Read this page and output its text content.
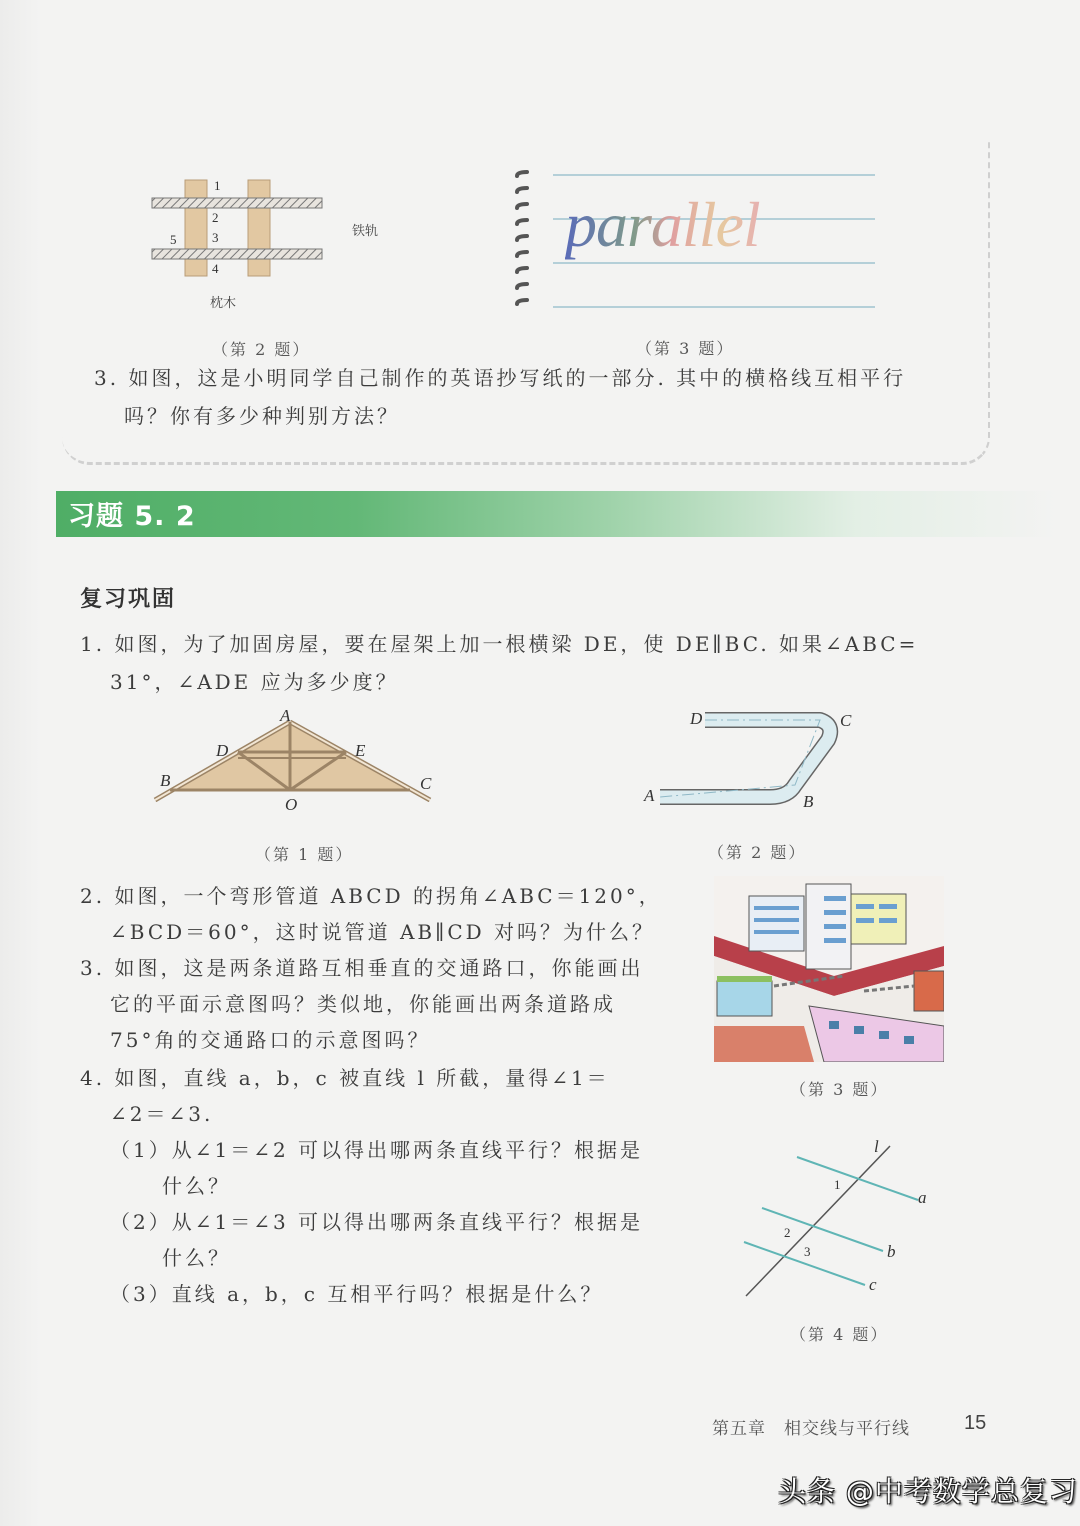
1
2
3
4
5
铁轨
枕木
（第 2 题）
parallel
（第 3 题）
3. 如图，这是小明同学自己制作的英语抄写纸的一部分. 其中的横格线互相平行
吗？你有多少种判别方法？
习题 5. 2
复习巩固
1. 如图，为了加固房屋，要在屋架上加一根横梁 DE，使 DE∥BC. 如果∠ABC=
31°，∠ADE 应为多少度？
A
D	E
B	C
O
（第 1 题）
D	C
A	B
（第 2 题）
2. 如图，一个弯形管道 ABCD 的拐角∠ABC＝120°，
∠BCD＝60°，这时说管道 AB∥CD 对吗？为什么？
3. 如图，这是两条道路互相垂直的交通路口，你能画出
它的平面示意图吗？类似地，你能画出两条道路成
75°角的交通路口的示意图吗？
（第 3 题）
4. 如图，直线 a，b，c 被直线 l 所截，量得∠1＝
∠2＝∠3.
（1）从∠1＝∠2 可以得出哪两条直线平行？根据是
什么？
（2）从∠1＝∠3 可以得出哪两条直线平行？根据是
什么？
（3）直线 a，b，c 互相平行吗？根据是什么？
l
a
b
c
1
2
3
（第 4 题）
第五章　相交线与平行线	15
头条 @中考数学总复习
